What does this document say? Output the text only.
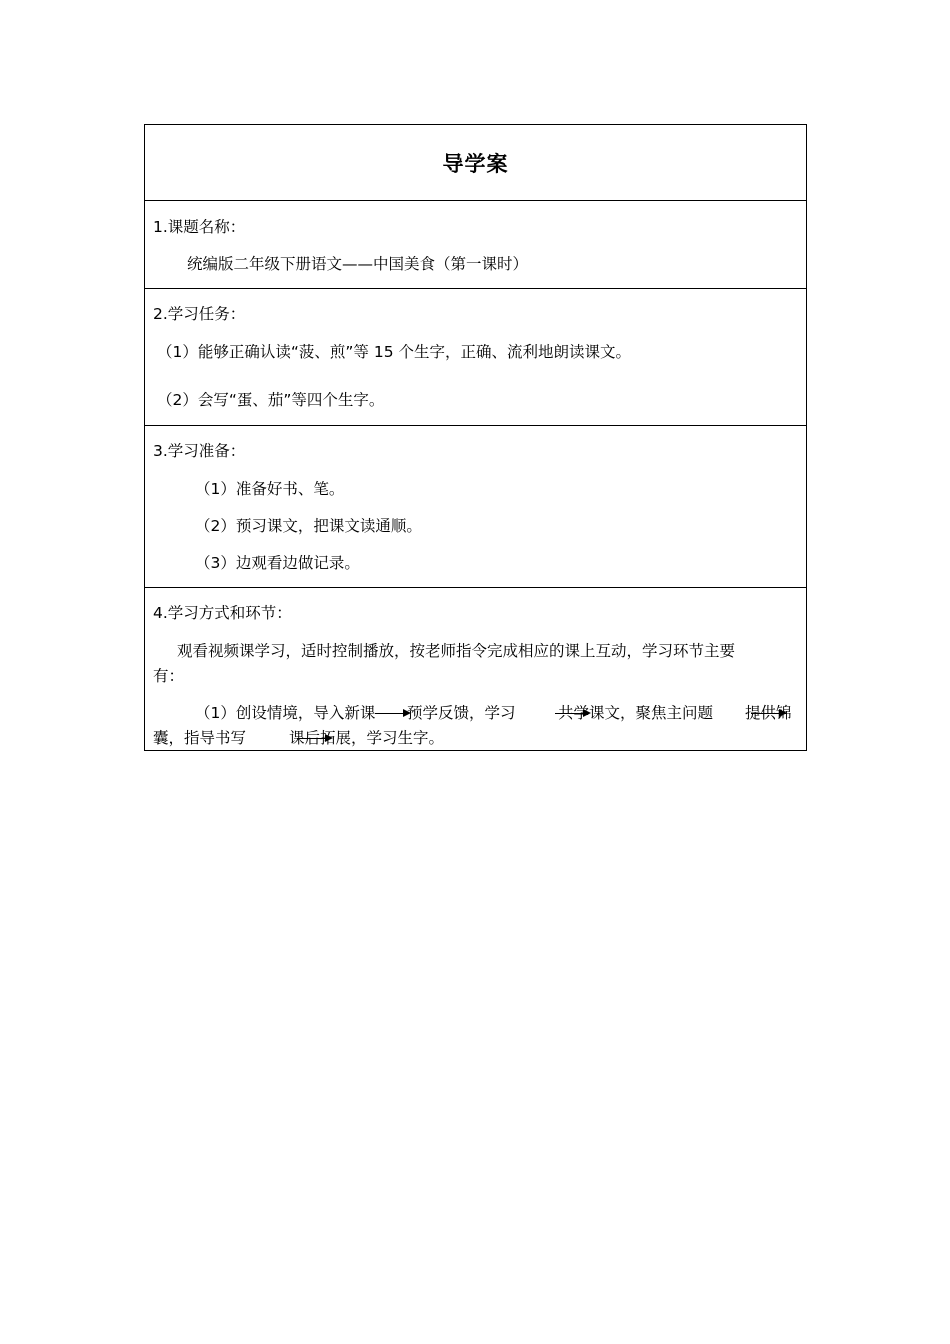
导学案
1.课题名称：
统编版二年级下册语文——中国美食（第一课时）
2.学习任务：
（1）能够正确认读“菠、煎”等 15 个生字，正确、流利地朗读课文。
（2）会写“蛋、茄”等四个生字。
3.学习准备：
（1）准备好书、笔。
（2）预习课文，把课文读通顺。
（3）边观看边做记录。
4.学习方式和环节：
观看视频课学习，适时控制播放，按老师指令完成相应的课上互动，学习环节主要
有：
（1）创设情境，导入新课 预学反馈，学习	共学课文，聚焦主问题 提供锦
囊，指导书写	课后拓展，学习生字。
